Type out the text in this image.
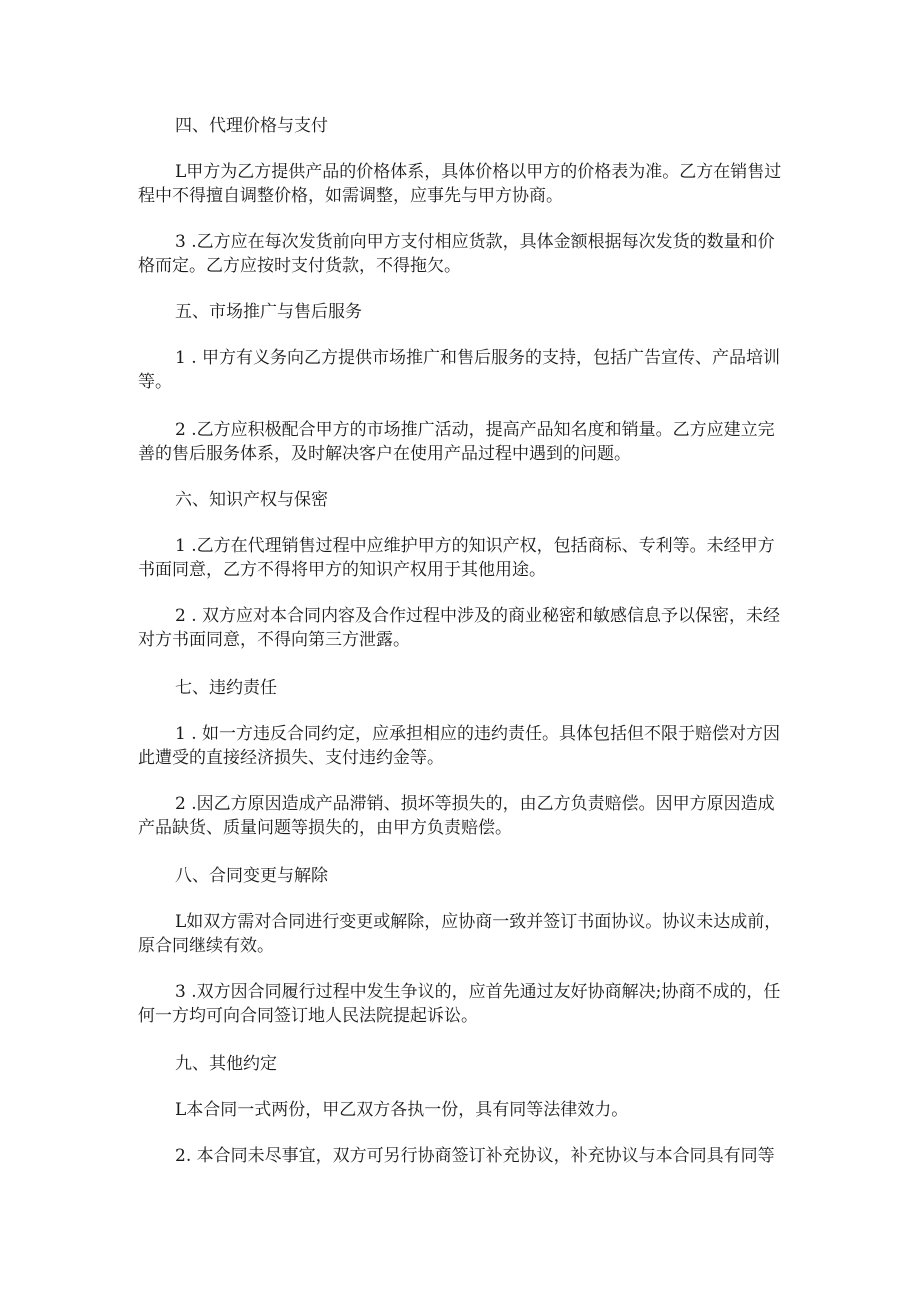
四、代理价格与支付
L甲方为乙方提供产品的价格体系，具体价格以甲方的价格表为准。乙方在销售过
程中不得擅自调整价格，如需调整，应事先与甲方协商。
3 .乙方应在每次发货前向甲方支付相应货款，具体金额根据每次发货的数量和价
格而定。乙方应按时支付货款，不得拖欠。
五、市场推广与售后服务
1 . 甲方有义务向乙方提供市场推广和售后服务的支持，包括广告宣传、产品培训
等。
2 .乙方应积极配合甲方的市场推广活动，提高产品知名度和销量。乙方应建立完
善的售后服务体系，及时解决客户在使用产品过程中遇到的问题。
六、知识产权与保密
1 .乙方在代理销售过程中应维护甲方的知识产权，包括商标、专利等。未经甲方
书面同意，乙方不得将甲方的知识产权用于其他用途。
2 . 双方应对本合同内容及合作过程中涉及的商业秘密和敏感信息予以保密，未经
对方书面同意，不得向第三方泄露。
七、违约责任
1 . 如一方违反合同约定，应承担相应的违约责任。具体包括但不限于赔偿对方因
此遭受的直接经济损失、支付违约金等。
2 .因乙方原因造成产品滞销、损坏等损失的，由乙方负责赔偿。因甲方原因造成
产品缺货、质量问题等损失的，由甲方负责赔偿。
八、合同变更与解除
L如双方需对合同进行变更或解除，应协商一致并签订书面协议。协议未达成前，
原合同继续有效。
3 .双方因合同履行过程中发生争议的，应首先通过友好协商解决;协商不成的，任
何一方均可向合同签订地人民法院提起诉讼。
九、其他约定
L本合同一式两份，甲乙双方各执一份，具有同等法律效力。
2. 本合同未尽事宜，双方可另行协商签订补充协议，补充协议与本合同具有同等
